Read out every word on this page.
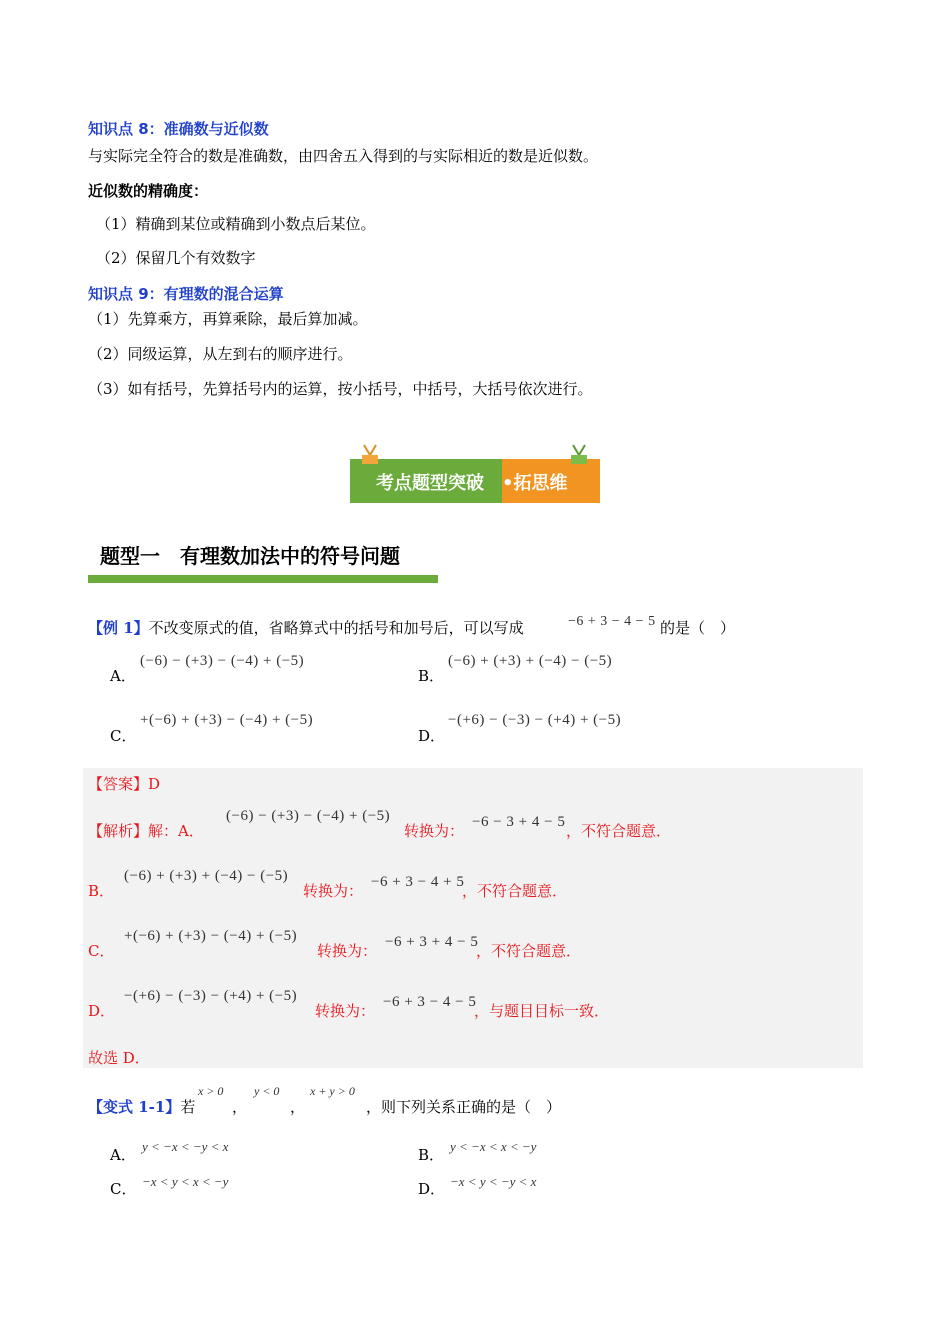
知识点 8：准确数与近似数
与实际完全符合的数是准确数，由四舍五入得到的与实际相近的数是近似数。
近似数的精确度：
（1）精确到某位或精确到小数点后某位。
（2）保留几个有效数字
知识点 9：有理数的混合运算
（1）先算乘方，再算乘除，最后算加减。
（2）同级运算，从左到右的顺序进行。
（3）如有括号，先算括号内的运算，按小括号，中括号，大括号依次进行。
考点题型突破 •拓思维
题型一　有理数加法中的符号问题
【例 1】不改变原式的值，省略算式中的括号和加号后，可以写成	−6 + 3 − 4 − 5 的是（　）
A．
(−6) − (+3) − (−4) + (−5)
B．
(−6) + (+3) + (−4) − (−5)
C．
+(−6) + (+3) − (−4) + (−5)
D．
−(+6) − (−3) − (+4) + (−5)
【答案】D
【解析】解：A．
(−6) − (+3) − (−4) + (−5)
转换为： −6 − 3 + 4 − 5 ，不符合题意．
B．
(−6) + (+3) + (−4) − (−5)
转换为： −6 + 3 − 4 + 5
，不符合题意．
C．
+(−6) + (+3) − (−4) + (−5)
转换为： −6 + 3 + 4 − 5
，不符合题意．
D．
−(+6) − (−3) − (+4) + (−5)
转换为： −6 + 3 − 4 − 5
，与题目目标一致．
故选 D．
【变式 1-1】若
x > 0
，
y < 0
，
x + y > 0
，则下列关系正确的是（　）
A． y < −x < −y < x	B． y < −x < x < −y
C． −x < y < x < −y	D． −x < y < −y < x
